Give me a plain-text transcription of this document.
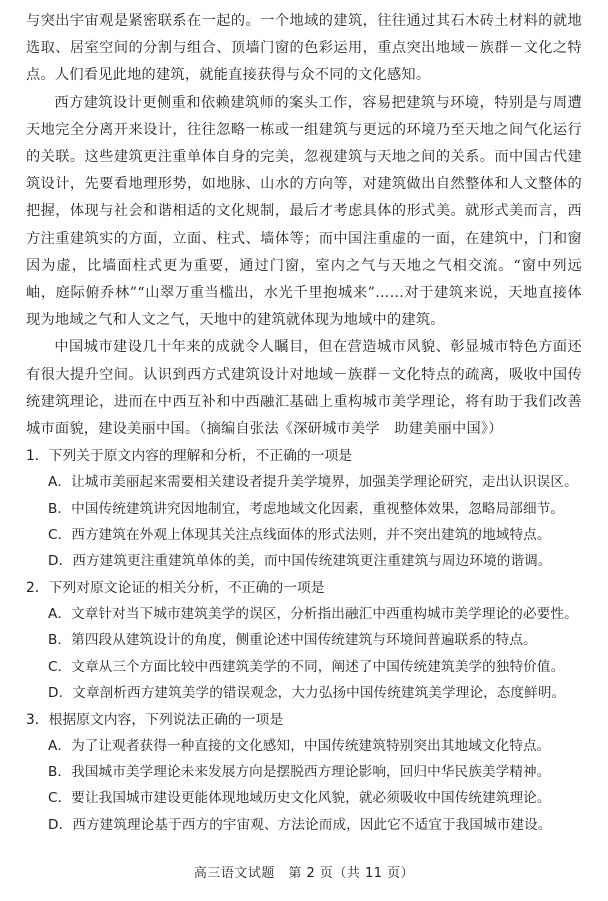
与突出宇宙观是紧密联系在一起的。一个地域的建筑，往往通过其石木砖土材料的就地选取、居室空间的分割与组合、顶墙门窗的色彩运用，重点突出地域－族群－文化之特点。人们看见此地的建筑，就能直接获得与众不同的文化感知。

西方建筑设计更侧重和依赖建筑师的案头工作，容易把建筑与环境，特别是与周遭天地完全分离开来设计，往往忽略一栋或一组建筑与更远的环境乃至天地之间气化运行的关联。这些建筑更注重单体自身的完美，忽视建筑与天地之间的关系。而中国古代建筑设计，先要看地理形势，如地脉、山水的方向等，对建筑做出自然整体和人文整体的把握，体现与社会和谐相适的文化规制，最后才考虑具体的形式美。就形式美而言，西方注重建筑实的方面，立面、柱式、墙体等；而中国注重虚的一面，在建筑中，门和窗因为虚，比墙面柱式更为重要，通过门窗，室内之气与天地之气相交流。“窗中列远岫，庭际俯乔林”“山翠万重当槛出，水光千里抱城来”……对于建筑来说，天地直接体现为地域之气和人文之气，天地中的建筑就体现为地域中的建筑。

中国城市建设几十年来的成就令人瞩目，但在营造城市风貌、彰显城市特色方面还有很大提升空间。认识到西方式建筑设计对地域－族群－文化特点的疏离，吸收中国传统建筑理论，进而在中西互补和中西融汇基础上重构城市美学理论，将有助于我们改善城市面貌，建设美丽中国。（摘编自张法《深研城市美学　助建美丽中国》）

1．下列关于原文内容的理解和分析，不正确的一项是

A．让城市美丽起来需要相关建设者提升美学境界，加强美学理论研究，走出认识误区。

B．中国传统建筑讲究因地制宜，考虑地域文化因素，重视整体效果，忽略局部细节。

C．西方建筑在外观上体现其关注点线面体的形式法则，并不突出建筑的地域特点。

D．西方建筑更注重建筑单体的美，而中国传统建筑更注重建筑与周边环境的谐调。

2．下列对原文论证的相关分析，不正确的一项是

A．文章针对当下城市建筑美学的误区，分析指出融汇中西重构城市美学理论的必要性。

B．第四段从建筑设计的角度，侧重论述中国传统建筑与环境间普遍联系的特点。

C．文章从三个方面比较中西建筑美学的不同，阐述了中国传统建筑美学的独特价值。

D．文章剖析西方建筑美学的错误观念，大力弘扬中国传统建筑美学理论，态度鲜明。

3．根据原文内容，下列说法正确的一项是

A．为了让观者获得一种直接的文化感知，中国传统建筑特别突出其地域文化特点。

B．我国城市美学理论未来发展方向是摆脱西方理论影响，回归中华民族美学精神。

C．要让我国城市建设更能体现地域历史文化风貌，就必须吸收中国传统建筑理论。

D．西方建筑理论基于西方的宇宙观、方法论而成，因此它不适宜于我国城市建设。

高三语文试题　第 2 页（共 11 页）
